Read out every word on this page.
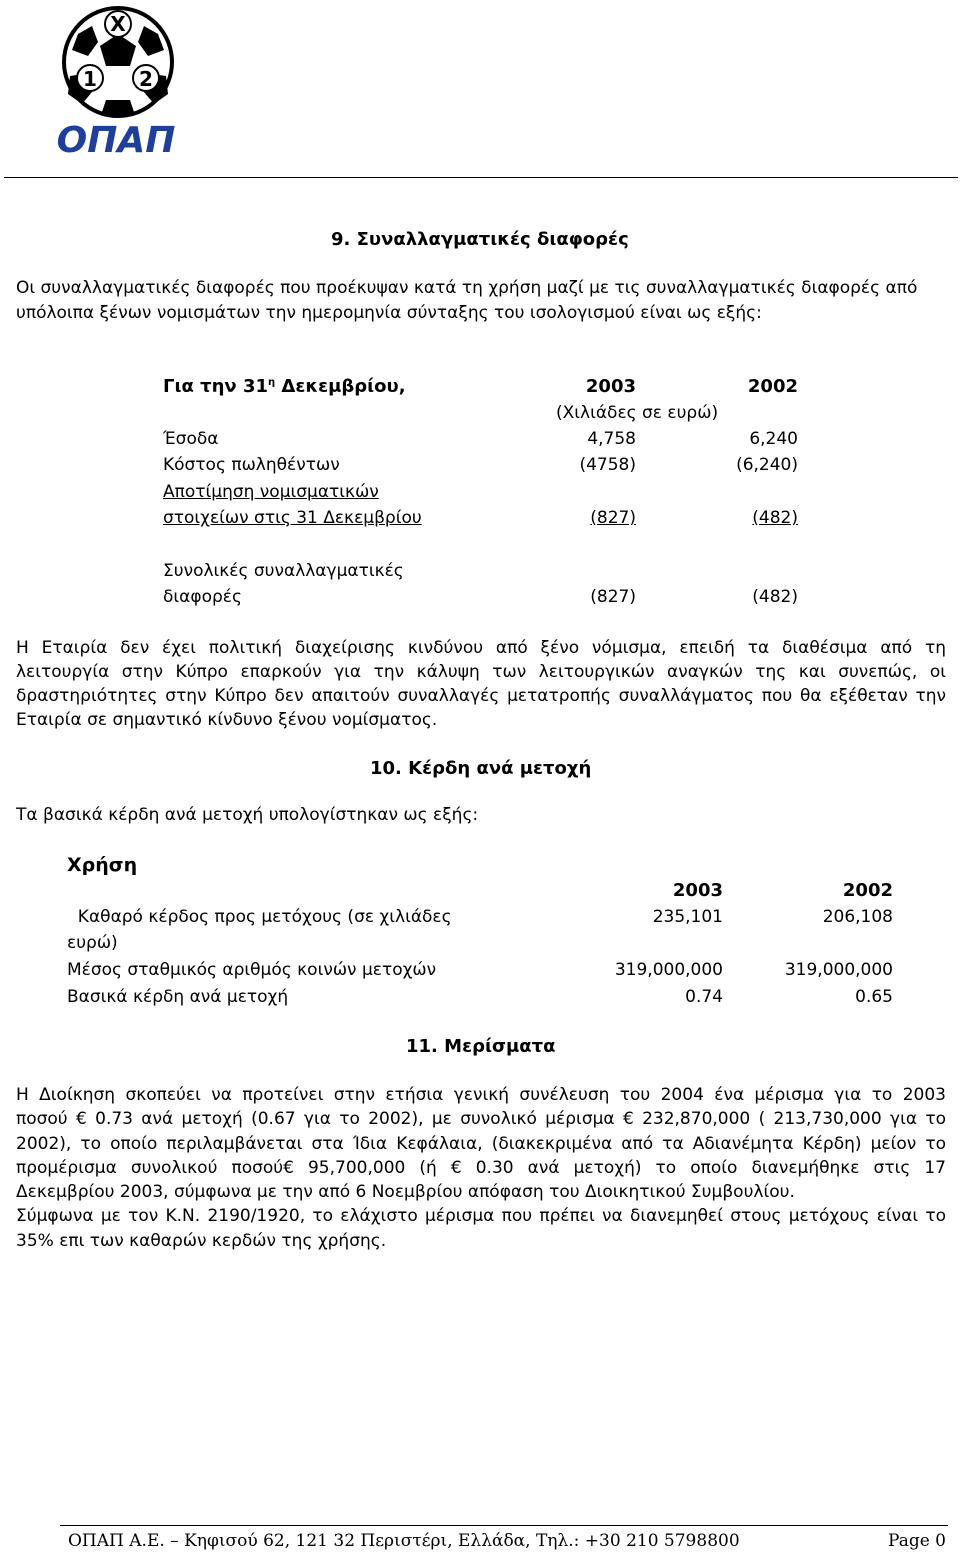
X
1 2
ΟΠΑΠ
9. Συναλλαγματικές διαφορές
Οι συναλλαγματικές διαφορές που προέκυψαν κατά τη χρήση μαζί με τις συναλλαγματικές διαφορές από
υπόλοιπα ξένων νομισμάτων την ημερομηνία σύνταξης του ισολογισμού είναι ως εξής:
Για την $31^\eta$ Δεκεμβρίου,	2003	2002
(Χιλιάδες σε ευρώ)
Έσοδα	4,758	6,240
Κόστος πωληθέντων	(4758)	(6,240)
Αποτίμηση νομισματικών
στοιχείων στις 31 Δεκεμβρίου	(827)	(482)
Συνολικές συναλλαγματικές
διαφορές	(827)	(482)
Η Εταιρία δεν έχει πολιτική διαχείρισης κινδύνου από ξένο νόμισμα, επειδή τα διαθέσιμα από τη
λειτουργία στην Κύπρο επαρκούν για την κάλυψη των λειτουργικών αναγκών της και συνεπώς, οι
δραστηριότητες στην Κύπρο δεν απαιτούν συναλλαγές μετατροπής συναλλάγματος που θα εξέθεταν την
Εταιρία σε σημαντικό κίνδυνο ξένου νομίσματος.
10. Κέρδη ανά μετοχή
Τα βασικά κέρδη ανά μετοχή υπολογίστηκαν ως εξής:
Χρήση
2003	2002
Καθαρό κέρδος προς μετόχους (σε χιλιάδες
ευρώ)
235,101	206,108
Μέσος σταθμικός αριθμός κοινών μετοχών	319,000,000	319,000,000
Βασικά κέρδη ανά μετοχή	0.74	0.65
11. Μερίσματα
Η Διοίκηση σκοπεύει να προτείνει στην ετήσια γενική συνέλευση του 2004 ένα μέρισμα για το 2003
ποσού € 0.73 ανά μετοχή (0.67 για το 2002), με συνολικό μέρισμα € 232,870,000 ( 213,730,000 για το
2002), το οποίο περιλαμβάνεται στα Ίδια Κεφάλαια, (διακεκριμένα από τα Αδιανέμητα Κέρδη) μείον το
προμέρισμα συνολικού ποσού€ 95,700,000 (ή € 0.30 ανά μετοχή) το οποίο διανεμήθηκε στις 17
Δεκεμβρίου 2003, σύμφωνα με την από 6 Νοεμβρίου απόφαση του Διοικητικού Συμβουλίου.
Σύμφωνα με τον Κ.Ν. 2190/1920, το ελάχιστο μέρισμα που πρέπει να διανεμηθεί στους μετόχους είναι το
35% επι των καθαρών κερδών της χρήσης.
ΟΠΑΠ Α.Ε. – Κηφισού 62, 121 32 Περιστέρι, Ελλάδα, Τηλ.: +30 210 5798800	Page 0
